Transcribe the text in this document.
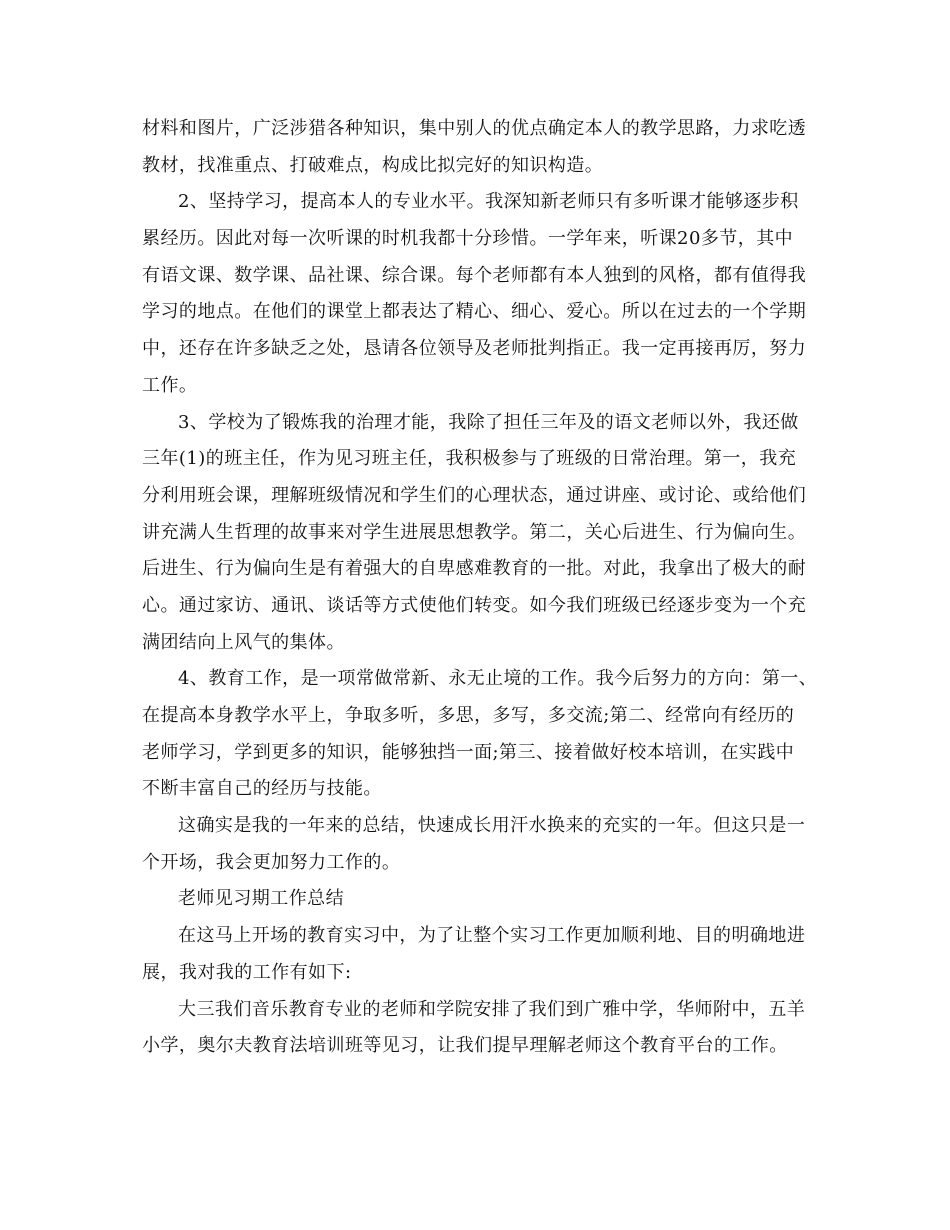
材料和图片，广泛涉猎各种知识，集中别人的优点确定本人的教学思路，力求吃透
教材，找准重点、打破难点，构成比拟完好的知识构造。
2、坚持学习，提高本人的专业水平。我深知新老师只有多听课才能够逐步积
累经历。因此对每一次听课的时机我都十分珍惜。一学年来，听课20多节，其中
有语文课、数学课、品社课、综合课。每个老师都有本人独到的风格，都有值得我
学习的地点。在他们的课堂上都表达了精心、细心、爱心。所以在过去的一个学期
中，还存在许多缺乏之处，恳请各位领导及老师批判指正。我一定再接再厉，努力
工作。
3、学校为了锻炼我的治理才能，我除了担任三年及的语文老师以外，我还做
三年(1)的班主任，作为见习班主任，我积极参与了班级的日常治理。第一，我充
分利用班会课，理解班级情况和学生们的心理状态，通过讲座、或讨论、或给他们
讲充满人生哲理的故事来对学生进展思想教学。第二，关心后进生、行为偏向生。
后进生、行为偏向生是有着强大的自卑感难教育的一批。对此，我拿出了极大的耐
心。通过家访、通讯、谈话等方式使他们转变。如今我们班级已经逐步变为一个充
满团结向上风气的集体。
4、教育工作，是一项常做常新、永无止境的工作。我今后努力的方向：第一、
在提高本身教学水平上，争取多听，多思，多写，多交流;第二、经常向有经历的
老师学习，学到更多的知识，能够独挡一面;第三、接着做好校本培训，在实践中
不断丰富自己的经历与技能。
这确实是我的一年来的总结，快速成长用汗水换来的充实的一年。但这只是一
个开场，我会更加努力工作的。
老师见习期工作总结
在这马上开场的教育实习中，为了让整个实习工作更加顺利地、目的明确地进
展，我对我的工作有如下:
大三我们音乐教育专业的老师和学院安排了我们到广雅中学，华师附中，五羊
小学，奥尔夫教育法培训班等见习，让我们提早理解老师这个教育平台的工作。
